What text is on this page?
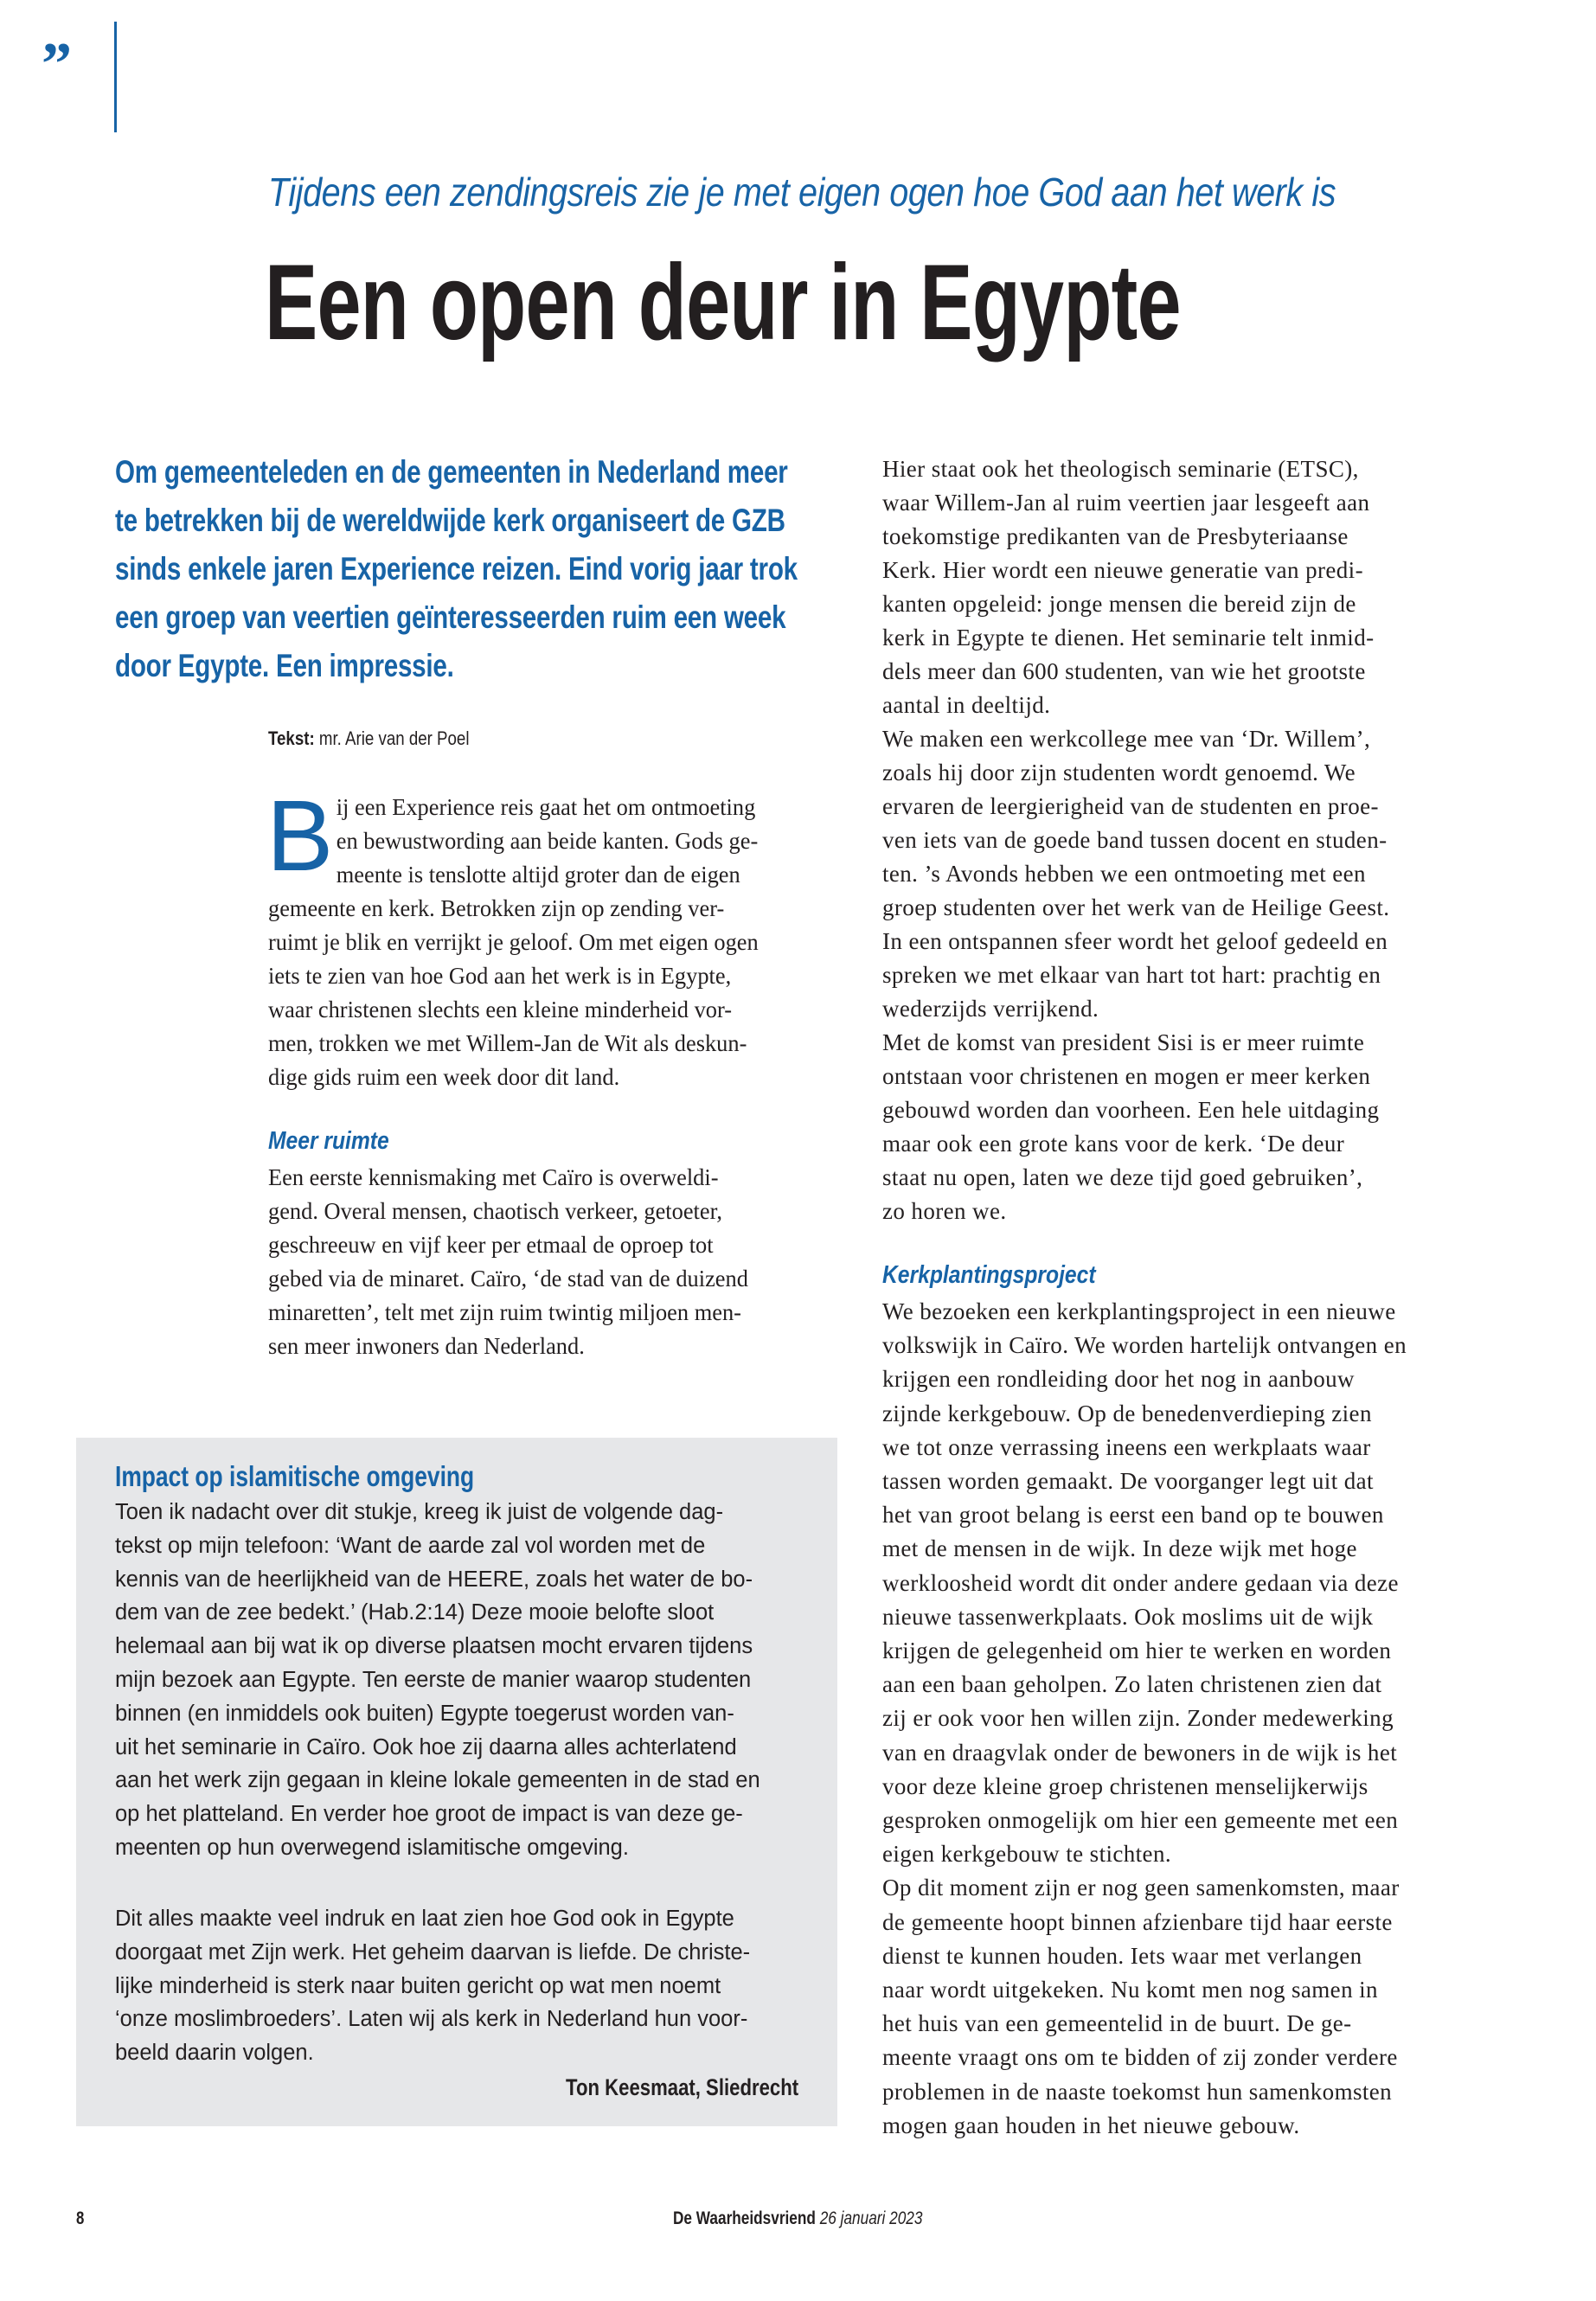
”
Tijdens een zendingsreis zie je met eigen ogen hoe God aan het werk is
Een open deur in Egypte
Om gemeenteleden en de gemeenten in Nederland meer
te betrekken bij de wereldwijde kerk organiseert de GZB
sinds enkele jaren Experience reizen. Eind vorig jaar trok
een groep van veertien geïnteresseerden ruim een week
door Egypte. Een impressie.
Tekst: mr. Arie van der Poel
B ij een Experience reis gaat het om ontmoeting
en bewustwording aan beide kanten. Gods ge-
meente is tenslotte altijd groter dan de eigen
gemeente en kerk. Betrokken zijn op zending ver-
ruimt je blik en verrijkt je geloof. Om met eigen ogen
iets te zien van hoe God aan het werk is in Egypte,
waar christenen slechts een kleine minderheid vor-
men, trokken we met Willem-Jan de Wit als deskun-
dige gids ruim een week door dit land.
Meer ruimte
Een eerste kennismaking met Caïro is overweldi-
gend. Overal mensen, chaotisch verkeer, getoeter,
geschreeuw en vijf keer per etmaal de oproep tot
gebed via de minaret. Caïro, ‘de stad van de duizend
minaretten’, telt met zijn ruim twintig miljoen men-
sen meer inwoners dan Nederland.
Impact op islamitische omgeving
Toen ik nadacht over dit stukje, kreeg ik juist de volgende dag-
tekst op mijn telefoon: ‘Want de aarde zal vol worden met de
kennis van de heerlijkheid van de HEERE, zoals het water de bo-
dem van de zee bedekt.’ (Hab.2:14) Deze mooie belofte sloot
helemaal aan bij wat ik op diverse plaatsen mocht ervaren tijdens
mijn bezoek aan Egypte. Ten eerste de manier waarop studenten
binnen (en inmiddels ook buiten) Egypte toegerust worden van-
uit het seminarie in Caïro. Ook hoe zij daarna alles achterlatend
aan het werk zijn gegaan in kleine lokale gemeenten in de stad en
op het platteland. En verder hoe groot de impact is van deze ge-
meenten op hun overwegend islamitische omgeving.
Dit alles maakte veel indruk en laat zien hoe God ook in Egypte
doorgaat met Zijn werk. Het geheim daarvan is liefde. De christe-
lijke minderheid is sterk naar buiten gericht op wat men noemt
‘onze moslimbroeders’. Laten wij als kerk in Nederland hun voor-
beeld daarin volgen.
Ton Keesmaat, Sliedrecht
Hier staat ook het theologisch seminarie (ETSC),
waar Willem-Jan al ruim veertien jaar lesgeeft aan
toekomstige predikanten van de Presbyteriaanse
Kerk. Hier wordt een nieuwe generatie van predi-
kanten opgeleid: jonge mensen die bereid zijn de
kerk in Egypte te dienen. Het seminarie telt inmid-
dels meer dan 600 studenten, van wie het grootste
aantal in deeltijd.
We maken een werkcollege mee van ‘Dr. Willem’,
zoals hij door zijn studenten wordt genoemd. We
ervaren de leergierigheid van de studenten en proe-
ven iets van de goede band tussen docent en studen-
ten. ’s Avonds hebben we een ontmoeting met een
groep studenten over het werk van de Heilige Geest.
In een ontspannen sfeer wordt het geloof gedeeld en
spreken we met elkaar van hart tot hart: prachtig en
wederzijds verrijkend.
Met de komst van president Sisi is er meer ruimte
ontstaan voor christenen en mogen er meer kerken
gebouwd worden dan voorheen. Een hele uitdaging
maar ook een grote kans voor de kerk. ‘De deur
staat nu open, laten we deze tijd goed gebruiken’,
zo horen we.
Kerkplantingsproject
We bezoeken een kerkplantingsproject in een nieuwe
volkswijk in Caïro. We worden hartelijk ontvangen en
krijgen een rondleiding door het nog in aanbouw
zijnde kerkgebouw. Op de benedenverdieping zien
we tot onze verrassing ineens een werkplaats waar
tassen worden gemaakt. De voorganger legt uit dat
het van groot belang is eerst een band op te bouwen
met de mensen in de wijk. In deze wijk met hoge
werkloosheid wordt dit onder andere gedaan via deze
nieuwe tassenwerkplaats. Ook moslims uit de wijk
krijgen de gelegenheid om hier te werken en worden
aan een baan geholpen. Zo laten christenen zien dat
zij er ook voor hen willen zijn. Zonder medewerking
van en draagvlak onder de bewoners in de wijk is het
voor deze kleine groep christenen menselijkerwijs
gesproken onmogelijk om hier een gemeente met een
eigen kerkgebouw te stichten.
Op dit moment zijn er nog geen samenkomsten, maar
de gemeente hoopt binnen afzienbare tijd haar eerste
dienst te kunnen houden. Iets waar met verlangen
naar wordt uitgekeken. Nu komt men nog samen in
het huis van een gemeentelid in de buurt. De ge-
meente vraagt ons om te bidden of zij zonder verdere
problemen in de naaste toekomst hun samenkomsten
mogen gaan houden in het nieuwe gebouw.
8	De Waarheidsvriend 26 januari 2023
